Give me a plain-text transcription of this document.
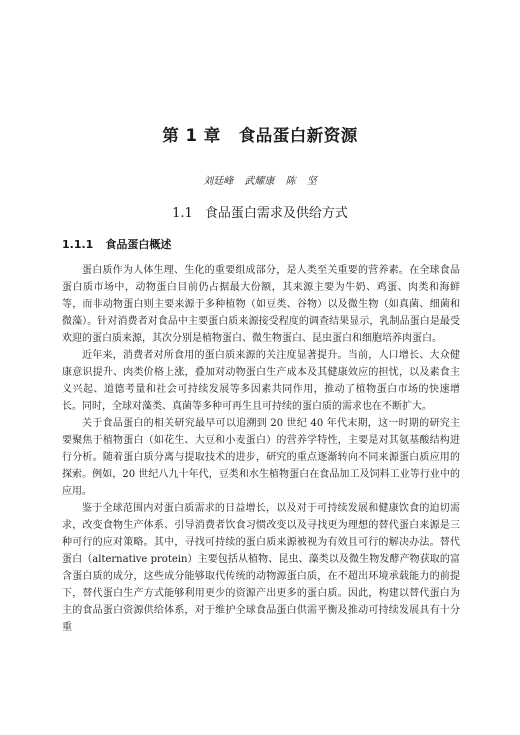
第 1 章 食品蛋白新资源
刘廷峰 武耀康 陈 坚
1.1 食品蛋白需求及供给方式
1.1.1 食品蛋白概述

蛋白质作为人体生理、生化的重要组成部分，是人类至关重要的营养素。在全球食品蛋白质市场中，动物蛋白目前仍占据最大份额，其来源主要为牛奶、鸡蛋、肉类和海鲜等，而非动物蛋白则主要来源于多种植物（如豆类、谷物）以及微生物（如真菌、细菌和微藻）。针对消费者对食品中主要蛋白质来源接受程度的调查结果显示，乳制品蛋白是最受欢迎的蛋白质来源，其次分别是植物蛋白、微生物蛋白、昆虫蛋白和细胞培养肉蛋白。

近年来，消费者对所食用的蛋白质来源的关注度显著提升。当前，人口增长、大众健康意识提升、肉类价格上涨，叠加对动物蛋白生产成本及其健康效应的担忧，以及素食主义兴起、道德考量和社会可持续发展等多因素共同作用，推动了植物蛋白市场的快速增长。同时，全球对藻类、真菌等多种可再生且可持续的蛋白质的需求也在不断扩大。

关于食品蛋白的相关研究最早可以追溯到 20 世纪 40 年代末期，这一时期的研究主要聚焦于植物蛋白（如花生、大豆和小麦蛋白）的营养学特性，主要是对其氨基酸结构进行分析。随着蛋白质分离与提取技术的进步，研究的重点逐渐转向不同来源蛋白质应用的探索。例如，20 世纪八九十年代，豆类和水生植物蛋白在食品加工及饲料工业等行业中的应用。

鉴于全球范围内对蛋白质需求的日益增长，以及对于可持续发展和健康饮食的迫切需求，改变食物生产体系、引导消费者饮食习惯改变以及寻找更为理想的替代蛋白来源是三种可行的应对策略。其中，寻找可持续的蛋白质来源被视为有效且可行的解决办法。替代蛋白（alternative protein）主要包括从植物、昆虫、藻类以及微生物发酵产物获取的富含蛋白质的成分，这些成分能够取代传统的动物源蛋白质，在不超出环境承载能力的前提下，替代蛋白生产方式能够利用更少的资源产出更多的蛋白质。因此，构建以替代蛋白为主的食品蛋白资源供给体系，对于维护全球食品蛋白供需平衡及推动可持续发展具有十分重
